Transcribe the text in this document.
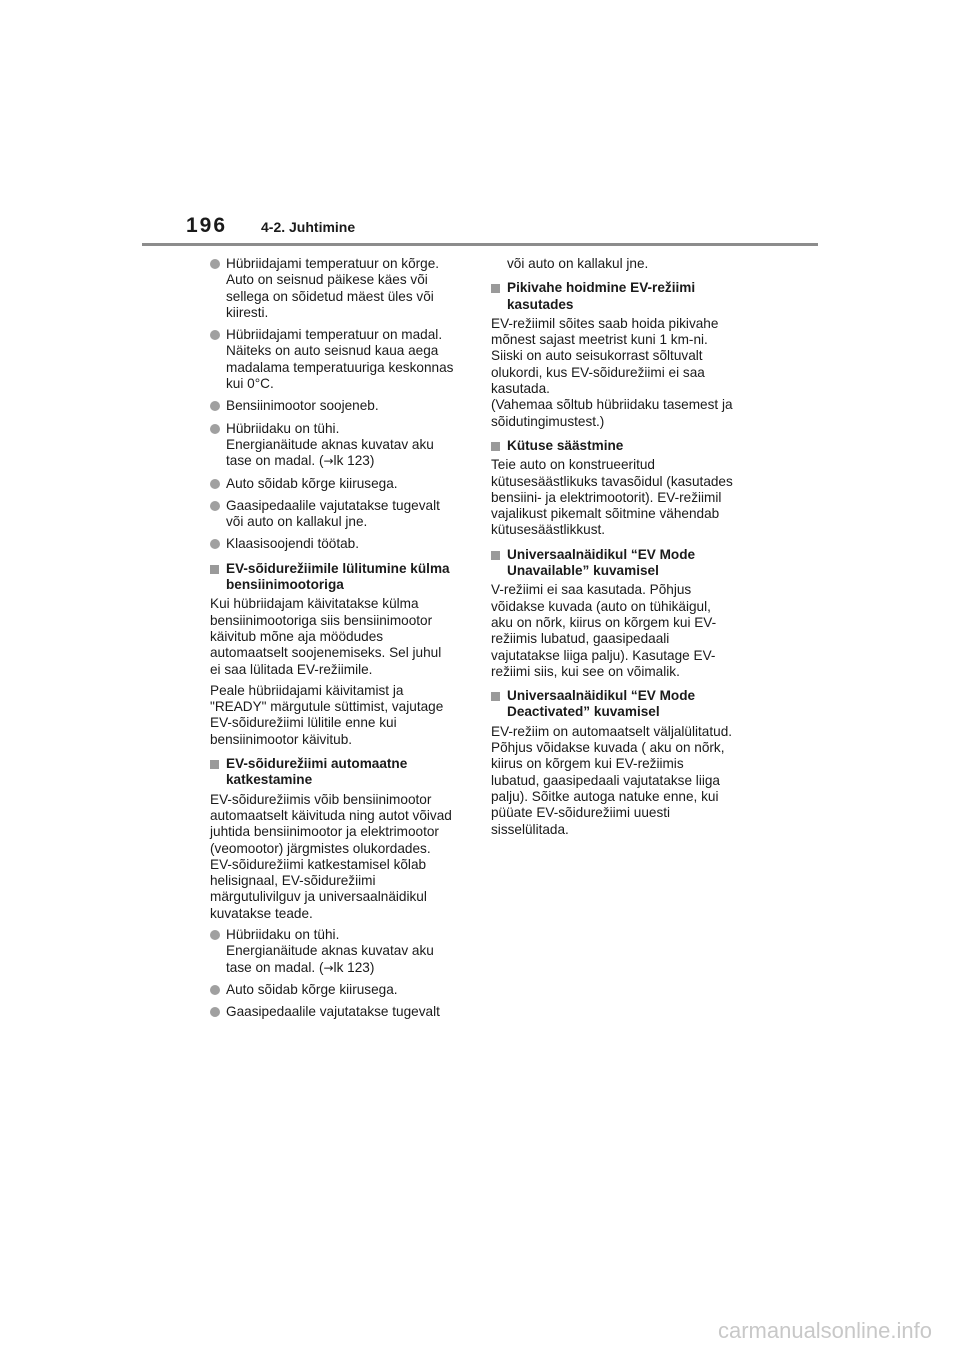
196 4-2. Juhtimine
Hübriidajami temperatuur on kõrge.
Auto on seisnud päikese käes või
sellega on sõidetud mäest üles või
kiiresti.
Hübriidajami temperatuur on madal.
Näiteks on auto seisnud kaua aega
madalama temperatuuriga keskonnas
kui 0°C.
Bensiinimootor soojeneb.
Hübriidaku on tühi.
Energianäitude aknas kuvatav aku
tase on madal. (→lk 123)
Auto sõidab kõrge kiirusega.
Gaasipedaalile vajutatakse tugevalt
või auto on kallakul jne.
Klaasisoojendi töötab.
EV-sõidurežiimile lülitumine külma
bensiinimootoriga
Kui hübriidajam käivitatakse külma
bensiinimootoriga siis bensiinimootor
käivitub mõne aja möödudes
automaatselt soojenemiseks. Sel juhul
ei saa lülitada EV-režiimile.
Peale hübriidajami käivitamist ja
"READY" märgutule süttimist, vajutage
EV-sõidurežiimi lülitile enne kui
bensiinimootor käivitub.
EV-sõidurežiimi automaatne
katkestamine
EV-sõidurežiimis võib bensiinimootor
automaatselt käivituda ning autot võivad
juhtida bensiinimootor ja elektrimootor
(veomootor) järgmistes olukordades.
EV-sõidurežiimi katkestamisel kõlab
helisignaal, EV-sõidurežiimi
märgutulivilguv ja universaalnäidikul
kuvatakse teade.
Hübriidaku on tühi.
Energianäitude aknas kuvatav aku
tase on madal. (→lk 123)
Auto sõidab kõrge kiirusega.
Gaasipedaalile vajutatakse tugevalt
või auto on kallakul jne.
Pikivahe hoidmine EV-režiimi
kasutades
EV-režiimil sõites saab hoida pikivahe
mõnest sajast meetrist kuni 1 km-ni.
Siiski on auto seisukorrast sõltuvalt
olukordi, kus EV-sõidurežiimi ei saa
kasutada.
(Vahemaa sõltub hübriidaku tasemest ja
sõidutingimustest.)
Kütuse säästmine
Teie auto on konstrueeritud
kütusesäästlikuks tavasõidul (kasutades
bensiini- ja elektrimootorit). EV-režiimil
vajalikust pikemalt sõitmine vähendab
kütusesäästlikkust.
Universaalnäidikul “EV Mode
Unavailable” kuvamisel
V-režiimi ei saa kasutada. Põhjus
võidakse kuvada (auto on tühikäigul,
aku on nõrk, kiirus on kõrgem kui EV-
režiimis lubatud, gaasipedaali
vajutatakse liiga palju). Kasutage EV-
režiimi siis, kui see on võimalik.
Universaalnäidikul “EV Mode
Deactivated” kuvamisel
EV-režiim on automaatselt väljalülitatud.
Põhjus võidakse kuvada ( aku on nõrk,
kiirus on kõrgem kui EV-režiimis
lubatud, gaasipedaali vajutatakse liiga
palju). Sõitke autoga natuke enne, kui
püüate EV-sõidurežiimi uuesti
sisselülitada.
carmanualsonline.info
